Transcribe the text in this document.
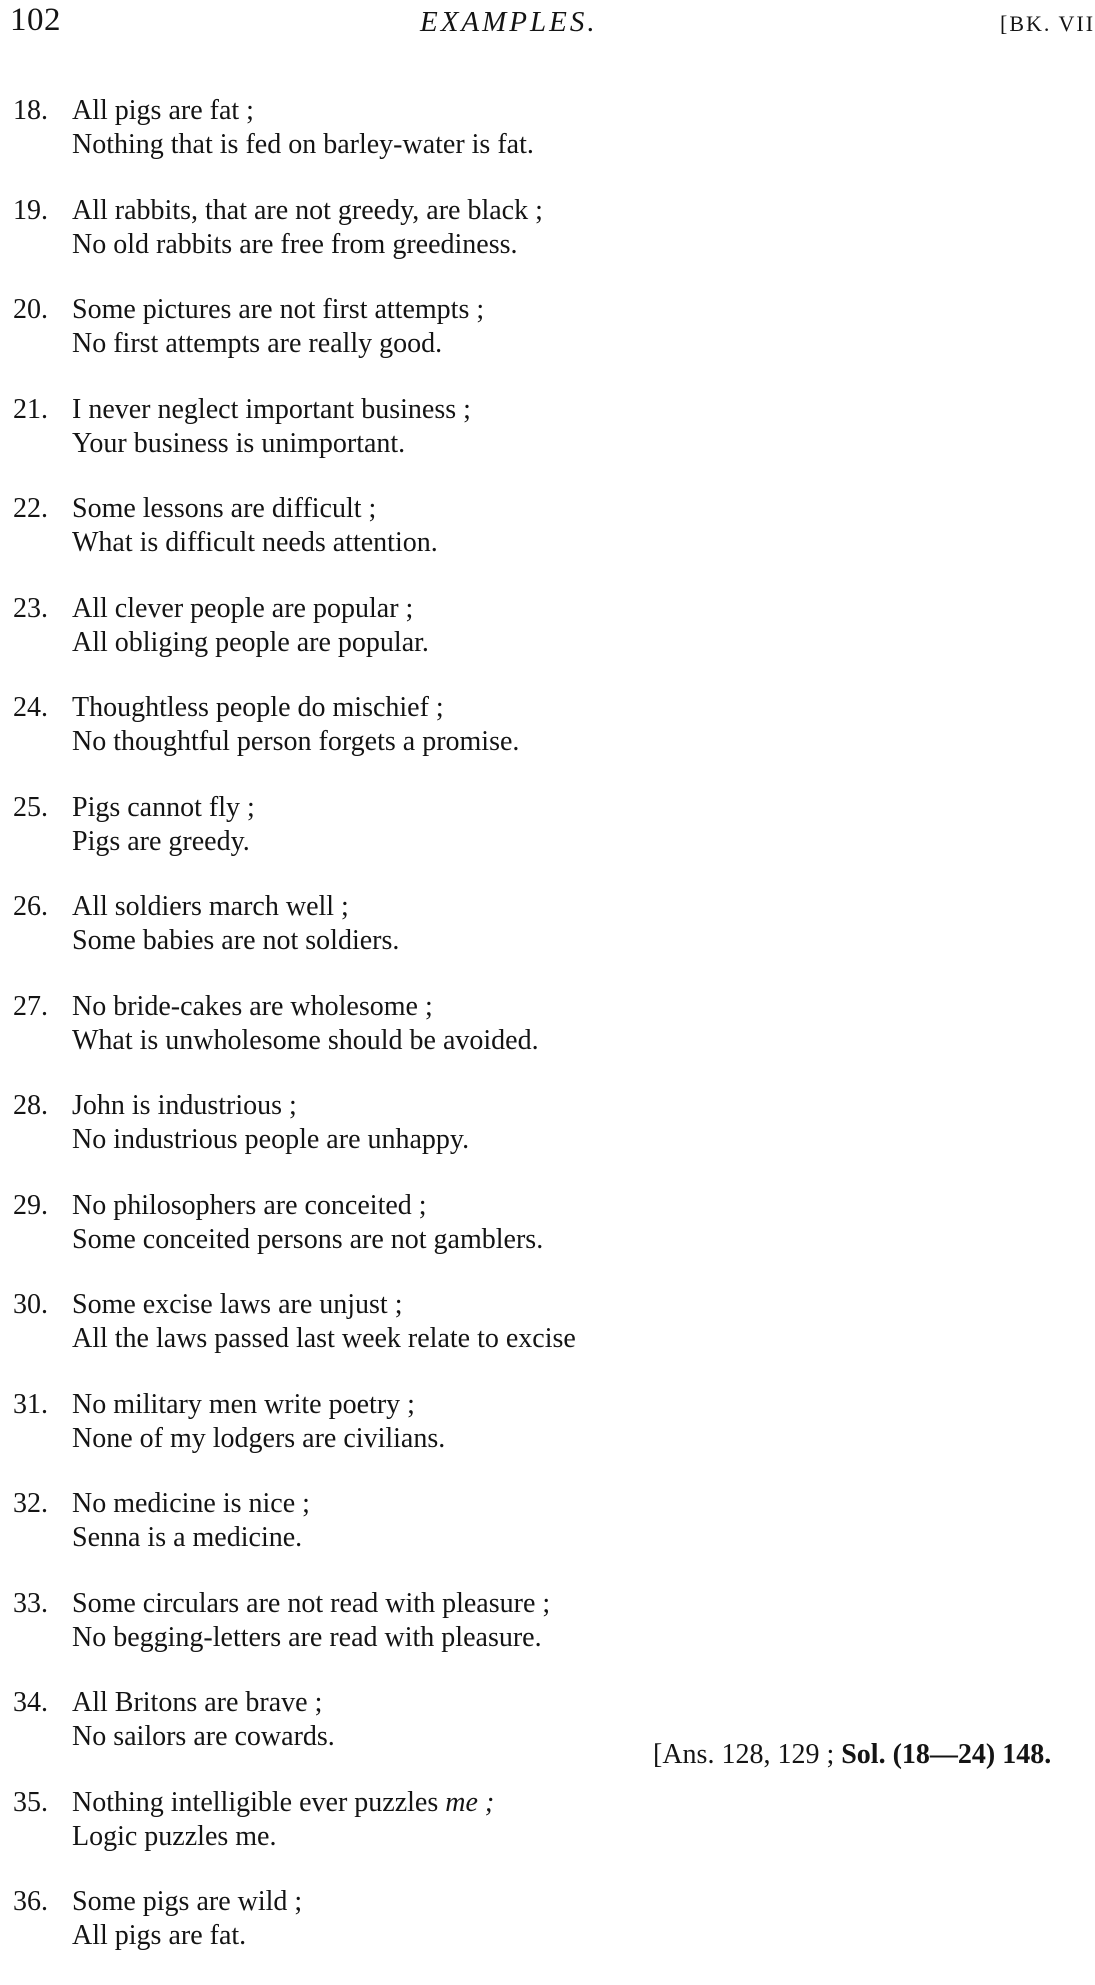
102	EXAMPLES.	[BK. VII
18. All pigs are fat ;
Nothing that is fed on barley-water is fat.
19. All rabbits, that are not greedy, are black ;
No old rabbits are free from greediness.
20. Some pictures are not first attempts ;
No first attempts are really good.
21. I never neglect important business ;
Your business is unimportant.
22. Some lessons are difficult ;
What is difficult needs attention.
23. All clever people are popular ;
All obliging people are popular.
24. Thoughtless people do mischief ;
No thoughtful person forgets a promise.
25. Pigs cannot fly ;
Pigs are greedy.
26. All soldiers march well ;
Some babies are not soldiers.
27. No bride-cakes are wholesome ;
What is unwholesome should be avoided.
28. John is industrious ;
No industrious people are unhappy.
29. No philosophers are conceited ;
Some conceited persons are not gamblers.
30. Some excise laws are unjust ;
All the laws passed last week relate to excise
31. No military men write poetry ;
None of my lodgers are civilians.
32. No medicine is nice ;
Senna is a medicine.
33. Some circulars are not read with pleasure ;
No begging-letters are read with pleasure.
34. All Britons are brave ;
No sailors are cowards.
35. Nothing intelligible ever puzzles me ;
Logic puzzles me.
36. Some pigs are wild ;
All pigs are fat.
[Ans. 128, 129 ; Sol. (18—24) 148.
